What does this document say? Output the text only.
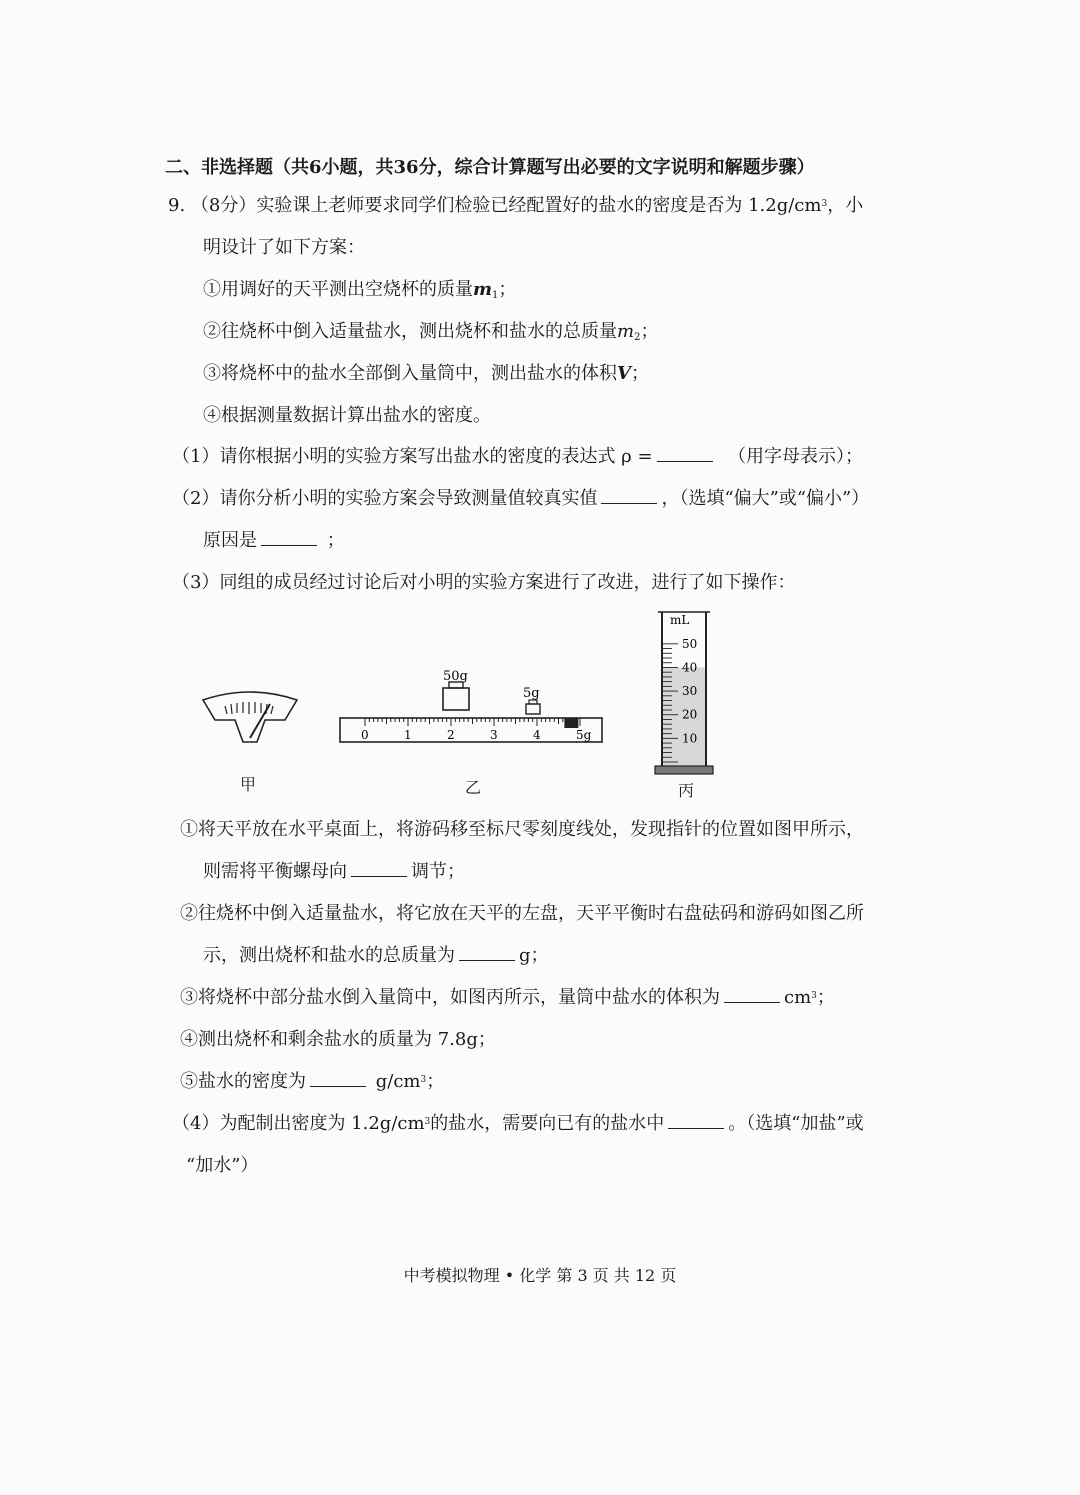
二、非选择题（共6小题，共36分，综合计算题写出必要的文字说明和解题步骤）
9. （8分）实验课上老师要求同学们检验已经配置好的盐水的密度是否为 $1.2g/cm^3$，小
明设计了如下方案：
①用调好的天平测出空烧杯的质量$m_1$；
②往烧杯中倒入适量盐水，测出烧杯和盐水的总质量$m_2$；
③将烧杯中的盐水全部倒入量筒中，测出盐水的体积V；
④根据测量数据计算出盐水的密度。
（1）请你根据小明的实验方案写出盐水的密度的表达式 ρ =	（用字母表示）；
（2）请你分析小明的实验方案会导致测量值较真实值	，（选填“偏大”或“偏小”）
原因是	；
（3）同组的成员经过讨论后对小明的实验方案进行了改进，进行了如下操作：
甲
50g
5g
0	1	2	3	4	5g
乙
mL
50
40
30
20
10
丙
①将天平放在水平桌面上，将游码移至标尺零刻度线处，发现指针的位置如图甲所示，
则需将平衡螺母向	调节；
②往烧杯中倒入适量盐水，将它放在天平的左盘，天平平衡时右盘砝码和游码如图乙所
示，测出烧杯和盐水的总质量为	g；
③将烧杯中部分盐水倒入量筒中，如图丙所示，量筒中盐水的体积为	$cm^3$；
④测出烧杯和剩余盐水的质量为 7.8g；
⑤盐水的密度为	$g/cm^3$；
（4）为配制出密度为 $1.2g/cm^3$的盐水，需要向已有的盐水中	。（选填“加盐”或
“加水”）
中考模拟物理 • 化学 第 3 页 共 12 页
